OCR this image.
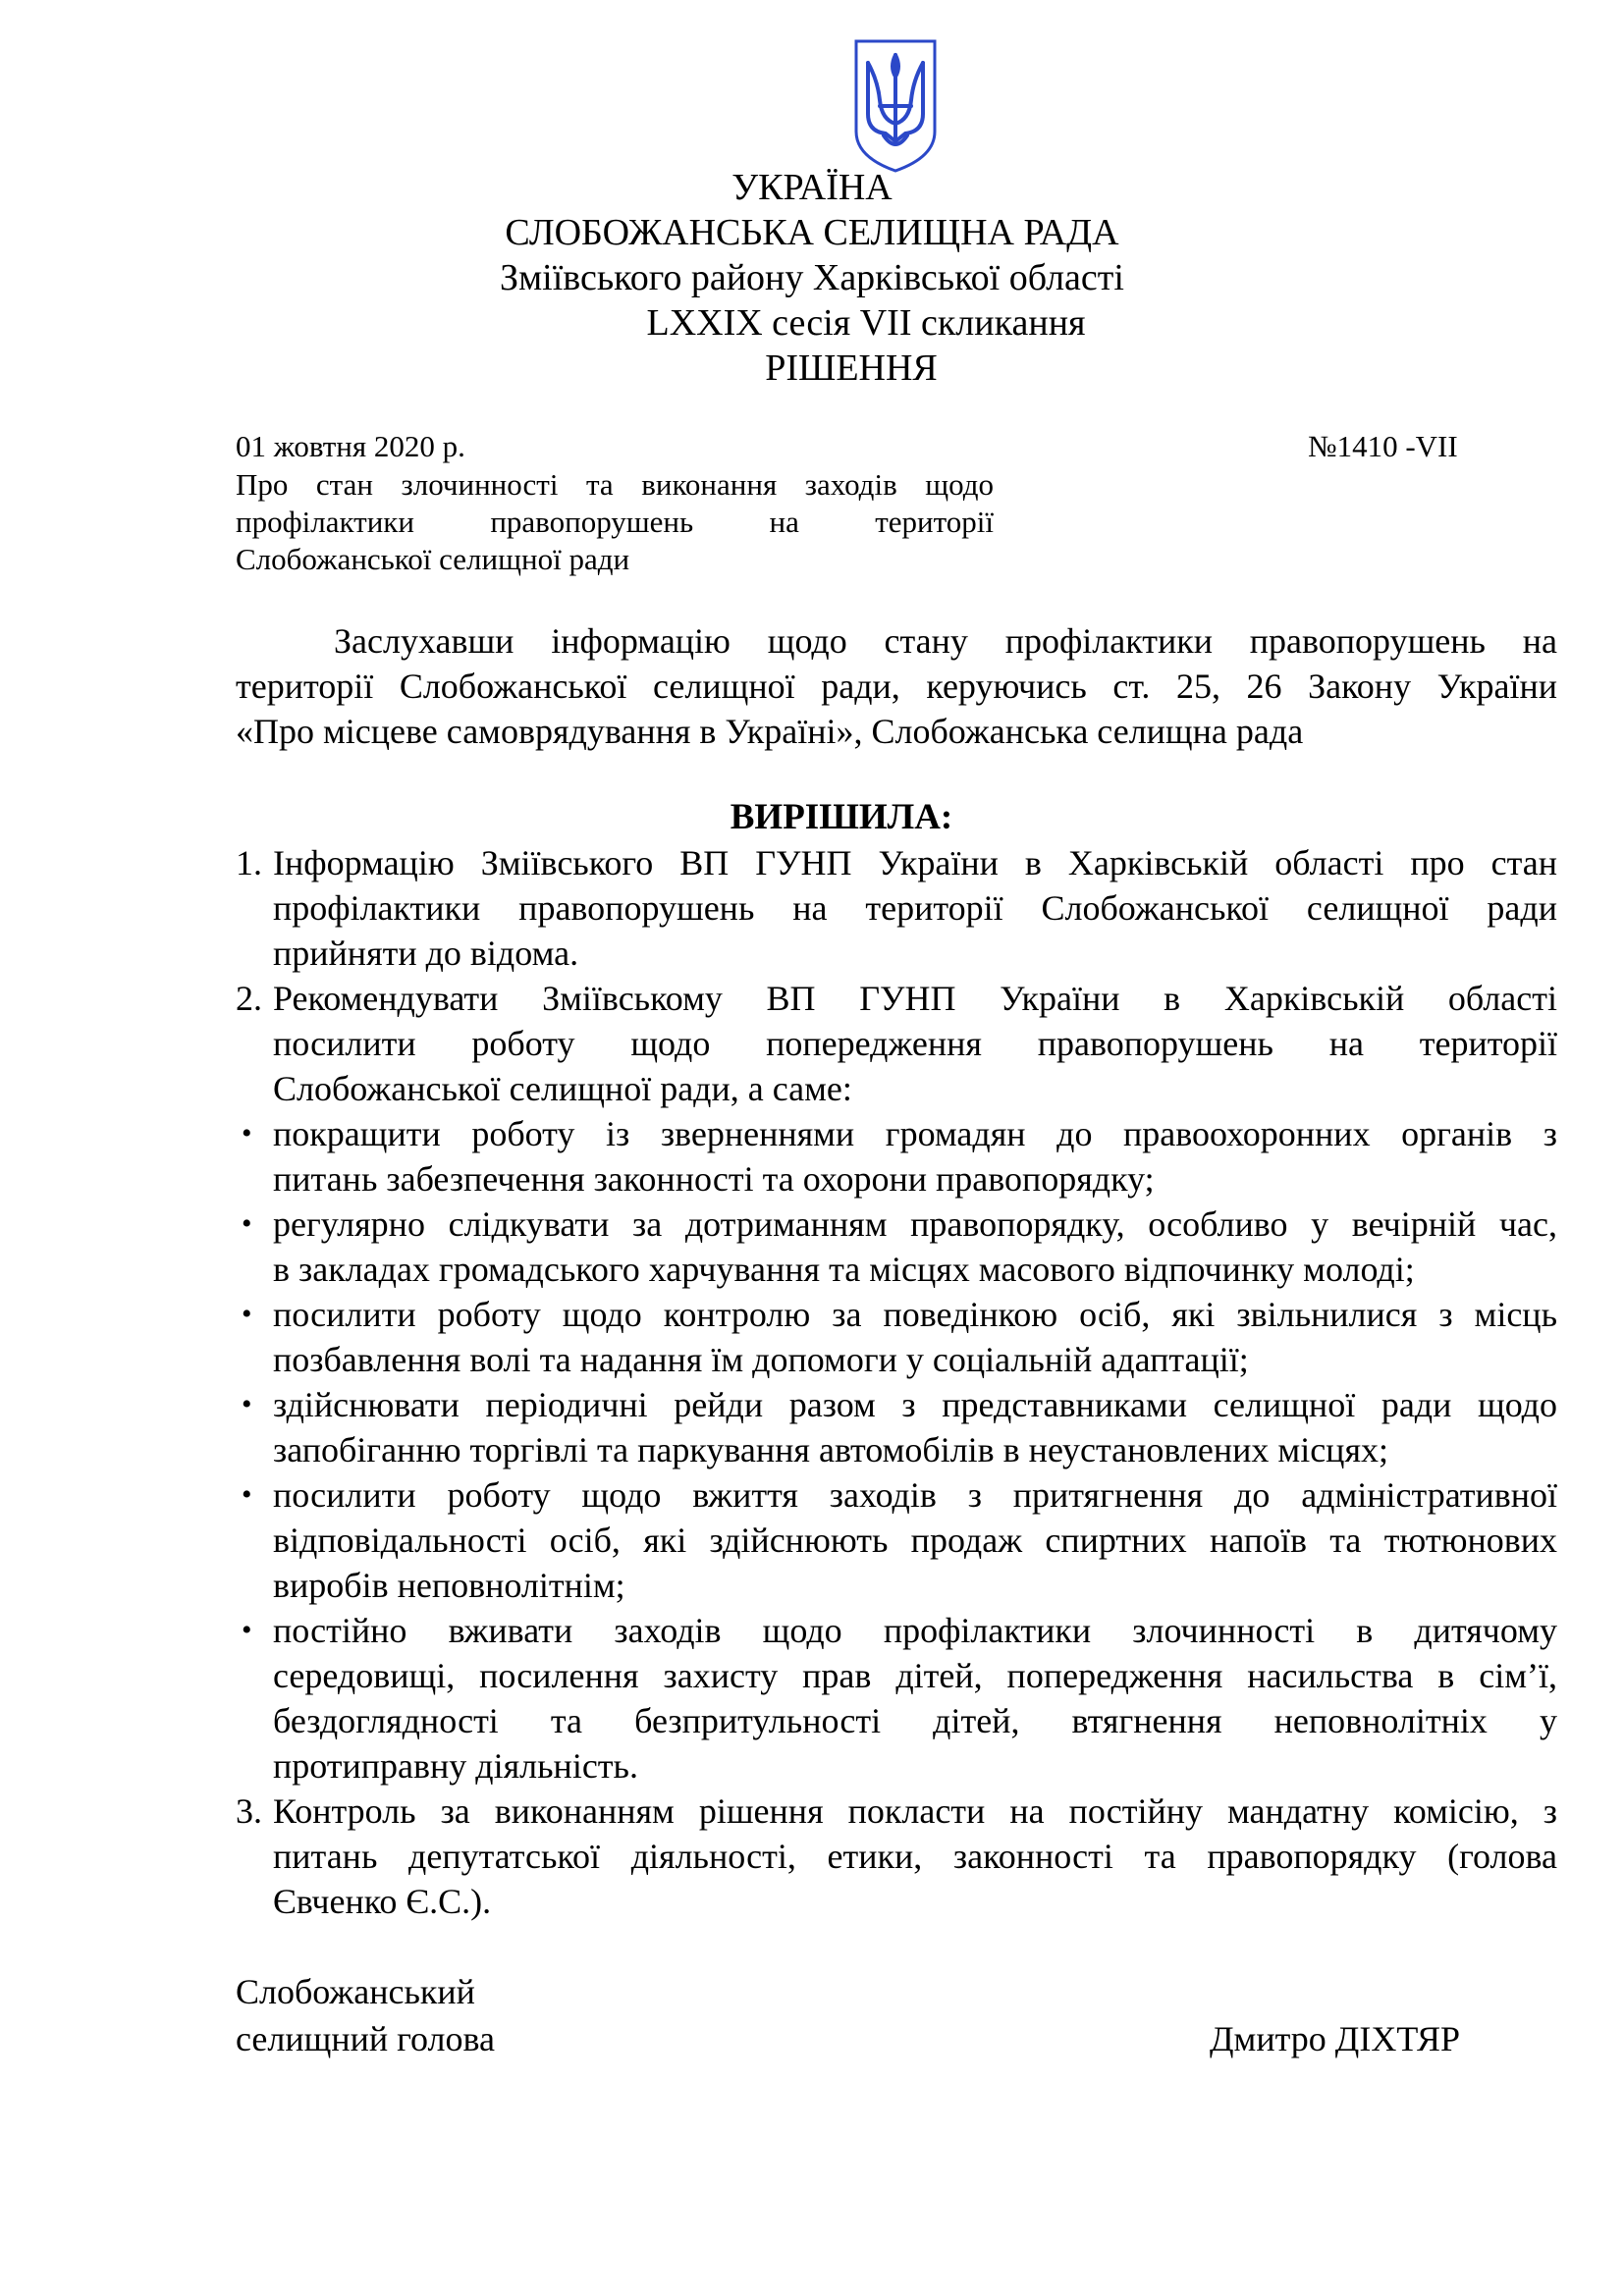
УКРАЇНА
СЛОБОЖАНСЬКА СЕЛИЩНА РАДА
Зміївського району Харківської області
LXXIX сесія VII скликання
РІШЕННЯ
01 жовтня 2020 р.	№1410 -VII
Про стан злочинності та виконання заходів щодо
профілактики правопорушень на території
Слобожанської селищної ради
Заслухавши інформацію щодо стану профілактики правопорушень на
території Слобожанської селищної ради, керуючись ст. 25, 26 Закону України
«Про місцеве самоврядування в Україні», Слобожанська селищна рада
ВИРІШИЛА:
1. Інформацію Зміївського ВП ГУНП України в Харківській області про стан
профілактики правопорушень на території Слобожанської селищної ради
прийняти до відома.
2. Рекомендувати Зміївському ВП ГУНП України в Харківській області
посилити роботу щодо попередження правопорушень на території
Слобожанської селищної ради, а саме:
• покращити роботу із зверненнями громадян до правоохоронних органів з
питань забезпечення законності та охорони правопорядку;
• регулярно слідкувати за дотриманням правопорядку, особливо у вечірній час,
в закладах громадського харчування та місцях масового відпочинку молоді;
• посилити роботу щодо контролю за поведінкою осіб, які звільнилися з місць
позбавлення волі та надання їм допомоги у соціальній адаптації;
• здійснювати періодичні рейди разом з представниками селищної ради щодо
запобіганню торгівлі та паркування автомобілів в неустановлених місцях;
• посилити роботу щодо вжиття заходів з притягнення до адміністративної
відповідальності осіб, які здійснюють продаж спиртних напоїв та тютюнових
виробів неповнолітнім;
• постійно вживати заходів щодо профілактики злочинності в дитячому
середовищі, посилення захисту прав дітей, попередження насильства в сім’ї,
бездоглядності та безпритульності дітей, втягнення неповнолітніх у
протиправну діяльність.
3. Контроль за виконанням рішення покласти на постійну мандатну комісію, з
питань депутатської діяльності, етики, законності та правопорядку (голова
Євченко Є.С.).
Слобожанський
селищний голова	Дмитро ДІХТЯР
